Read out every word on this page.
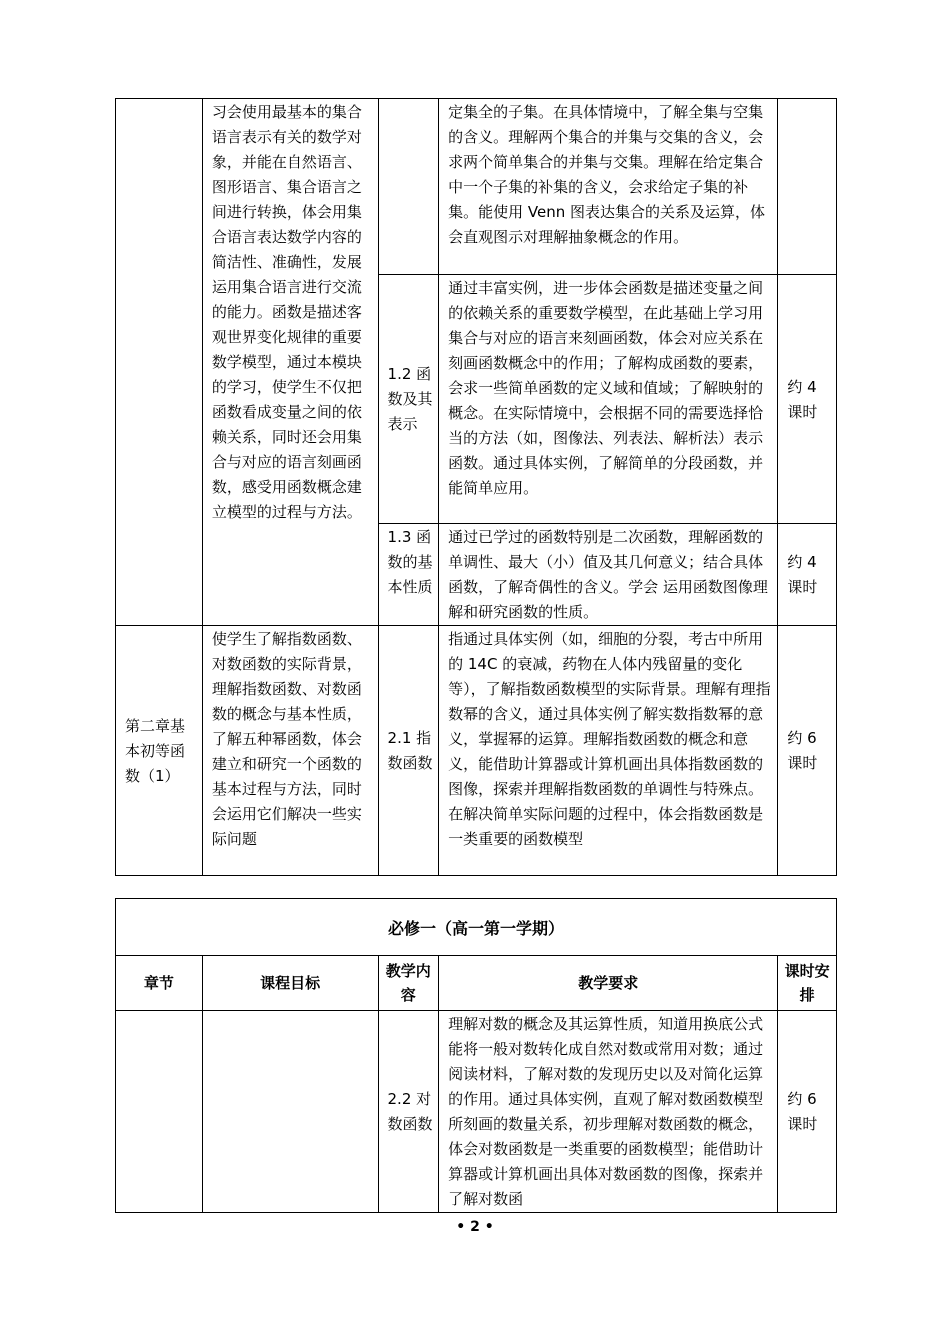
	习会使用最基本的集合语言表示有关的数学对象，并能在自然语言、图形语言、集合语言之间进行转换，体会用集合语言表达数学内容的简洁性、准确性，发展运用集合语言进行交流的能力。函数是描述客观世界变化规律的重要数学模型，通过本模块的学习，使学生不仅把函数看成变量之间的依赖关系，同时还会用集合与对应的语言刻画函数，感受用函数概念建立模型的过程与方法。		定集全的子集。在具体情境中，了解全集与空集的含义。理解两个集合的并集与交集的含义，会求两个简单集合的并集与交集。理解在给定集合中一个子集的补集的含义，会求给定子集的补集。能使用 Venn 图表达集合的关系及运算，体会直观图示对理解抽象概念的作用。	

		1.2 函数及其表示	通过丰富实例，进一步体会函数是描述变量之间的依赖关系的重要数学模型，在此基础上学习用集合与对应的语言来刻画函数，体会对应关系在刻画函数概念中的作用；了解构成函数的要素，会求一些简单函数的定义域和值域；了解映射的概念。在实际情境中，会根据不同的需要选择恰当的方法（如，图像法、列表法、解析法）表示函数。通过具体实例，了解简单的分段函数，并能简单应用。	约 4 课时

		1.3 函数的基本性质	通过已学过的函数特别是二次函数，理解函数的单调性、最大（小）值及其几何意义；结合具体函数，了解奇偶性的含义。学会 运用函数图像理解和研究函数的性质。	约 4 课时

第二章基本初等函数（1）	使学生了解指数函数、对数函数的实际背景，理解指数函数、对数函数的概念与基本性质，了解五种幂函数，体会建立和研究一个函数的基本过程与方法，同时会运用它们解决一些实际问题	2.1 指数函数	指通过具体实例（如，细胞的分裂，考古中所用的 14C 的衰减，药物在人体内残留量的变化等），了解指数函数模型的实际背景。理解有理指数幂的含义，通过具体实例了解实数指数幂的意义，掌握幂的运算。理解指数函数的概念和意义，能借助计算器或计算机画出具体指数函数的图像，探索并理解指数函数的单调性与特殊点。在解决简单实际问题的过程中，体会指数函数是一类重要的函数模型	约 6 课时
必修一（高一第一学期）				
章节	课程目标	教学内容	教学要求	课时安排

		2.2 对数函数	理解对数的概念及其运算性质，知道用换底公式能将一般对数转化成自然对数或常用对数；通过阅读材料，了解对数的发现历史以及对简化运算的作用。通过具体实例，直观了解对数函数模型所刻画的数量关系，初步理解对数函数的概念，体会对数函数是一类重要的函数模型；能借助计算器或计算机画出具体对数函数的图像，探索并了解对数函	约 6 课时
• 2 •
